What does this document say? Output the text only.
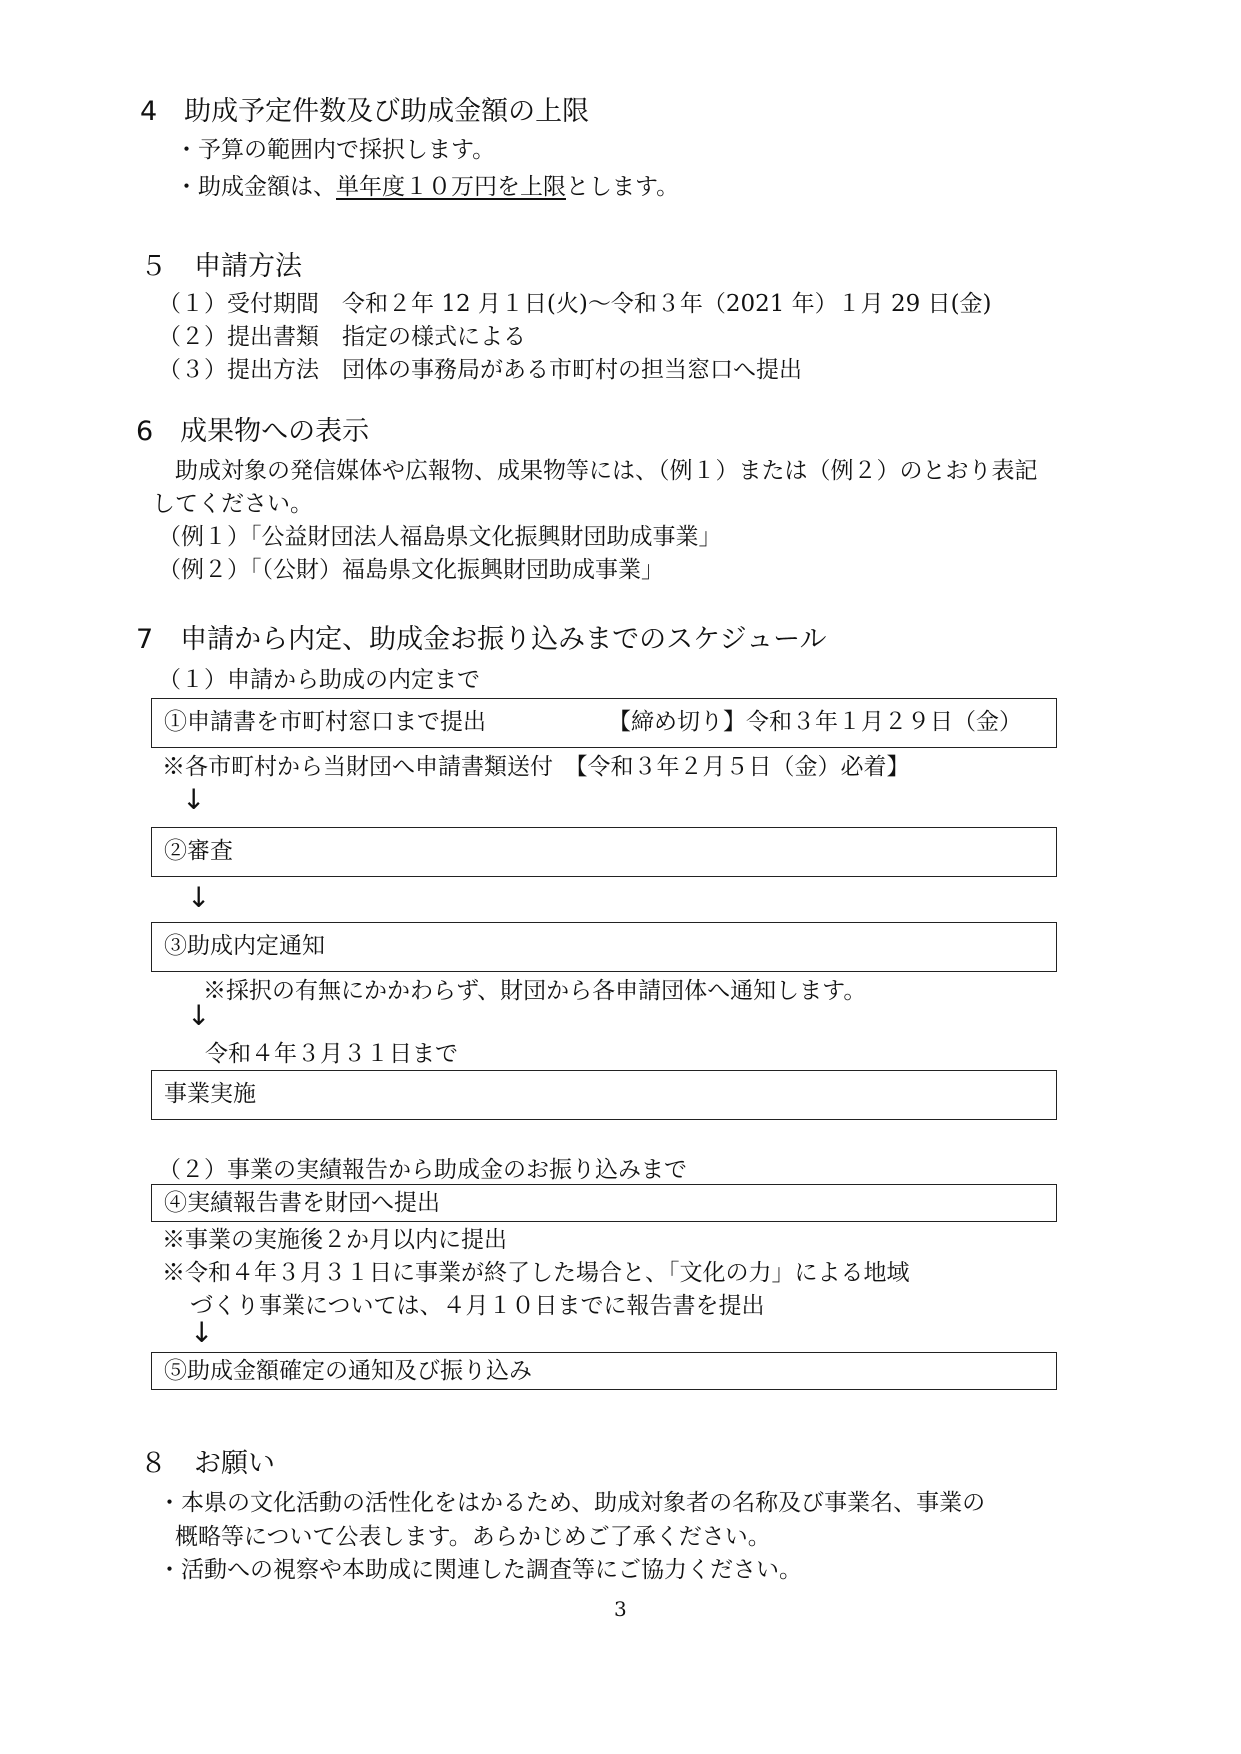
4　助成予定件数及び助成金額の上限
・予算の範囲内で採択します。
・助成金額は、単年度１０万円を上限とします。
５　申請方法
（１）受付期間　令和２年 12 月１日(火)～令和３年（2021 年）１月 29 日(金)
（２）提出書類　指定の様式による
（３）提出方法　団体の事務局がある市町村の担当窓口へ提出
6　成果物への表示
助成対象の発信媒体や広報物、成果物等には、（例１）または（例２）のとおり表記
してください。
（例１）「公益財団法人福島県文化振興財団助成事業」
（例２）「（公財）福島県文化振興財団助成事業」
7　申請から内定、助成金お振り込みまでのスケジュール
（１）申請から助成の内定まで
①申請書を市町村窓口まで提出	【締め切り】令和３年１月２９日（金）
※各市町村から当財団へ申請書類送付　【令和３年２月５日（金）必着】
↓
②審査
↓
③助成内定通知
※採択の有無にかかわらず、財団から各申請団体へ通知します。
↓
令和４年３月３１日まで
事業実施
（２）事業の実績報告から助成金のお振り込みまで
④実績報告書を財団へ提出
※事業の実施後２か月以内に提出
※令和４年３月３１日に事業が終了した場合と、「文化の力」による地域
づくり事業については、４月１０日までに報告書を提出
↓
⑤助成金額確定の通知及び振り込み
８　お願い
・本県の文化活動の活性化をはかるため、助成対象者の名称及び事業名、事業の
概略等について公表します。あらかじめご了承ください。
・活動への視察や本助成に関連した調査等にご協力ください。
3
